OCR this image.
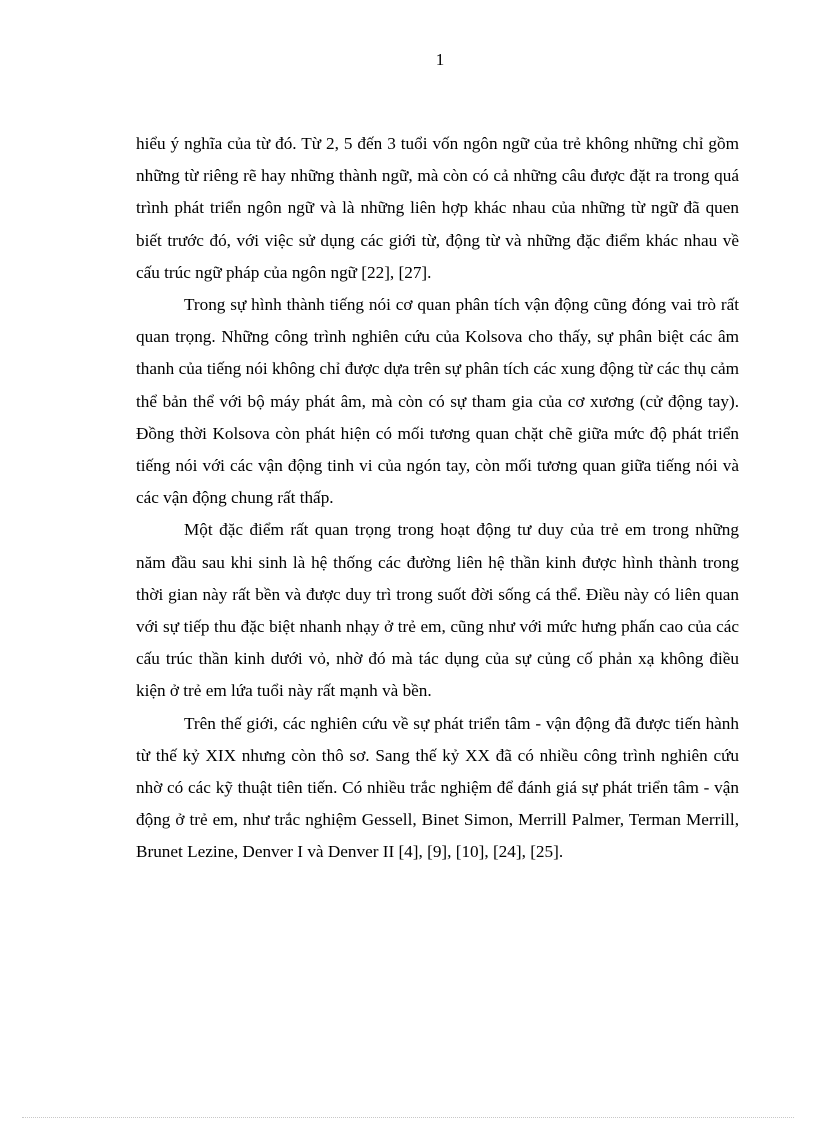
1

hiểu ý nghĩa của từ đó. Từ 2, 5 đến 3 tuổi vốn ngôn ngữ của trẻ không những chỉ gồm những từ riêng rẽ hay những thành ngữ, mà còn có cả những câu được đặt ra trong quá trình phát triển ngôn ngữ và là những liên hợp khác nhau của những từ ngữ đã quen biết trước đó, với việc sử dụng các giới từ, động từ và những đặc điểm khác nhau về cấu trúc ngữ pháp của ngôn ngữ [22], [27].

Trong sự hình thành tiếng nói cơ quan phân tích vận động cũng đóng vai trò rất quan trọng. Những công trình nghiên cứu của Kolsova cho thấy, sự phân biệt các âm thanh của tiếng nói không chỉ được dựa trên sự phân tích các xung động từ các thụ cảm thể bản thể với bộ máy phát âm, mà còn có sự tham gia của cơ xương (cử động tay). Đồng thời Kolsova còn phát hiện có mối tương quan chặt chẽ giữa mức độ phát triển tiếng nói với các vận động tinh vi của ngón tay, còn mối tương quan giữa tiếng nói và các vận động chung rất thấp.

Một đặc điểm rất quan trọng trong hoạt động tư duy của trẻ em trong những năm đầu sau khi sinh là hệ thống các đường liên hệ thần kinh được hình thành trong thời gian này rất bền và được duy trì trong suốt đời sống cá thể. Điều này có liên quan với sự tiếp thu đặc biệt nhanh nhạy ở trẻ em, cũng như với mức hưng phấn cao của các cấu trúc thần kinh dưới vỏ, nhờ đó mà tác dụng của sự củng cố phản xạ không điều kiện ở trẻ em lứa tuổi này rất mạnh và bền.

Trên thế giới, các nghiên cứu về sự phát triển tâm - vận động đã được tiến hành từ thế kỷ XIX nhưng còn thô sơ. Sang thế kỷ XX đã có nhiều công trình nghiên cứu nhờ có các kỹ thuật tiên tiến. Có nhiều trắc nghiệm để đánh giá sự phát triển tâm - vận động ở trẻ em, như trắc nghiệm Gessell, Binet Simon, Merrill Palmer, Terman Merrill, Brunet Lezine, Denver I và Denver II [4], [9], [10], [24], [25].
